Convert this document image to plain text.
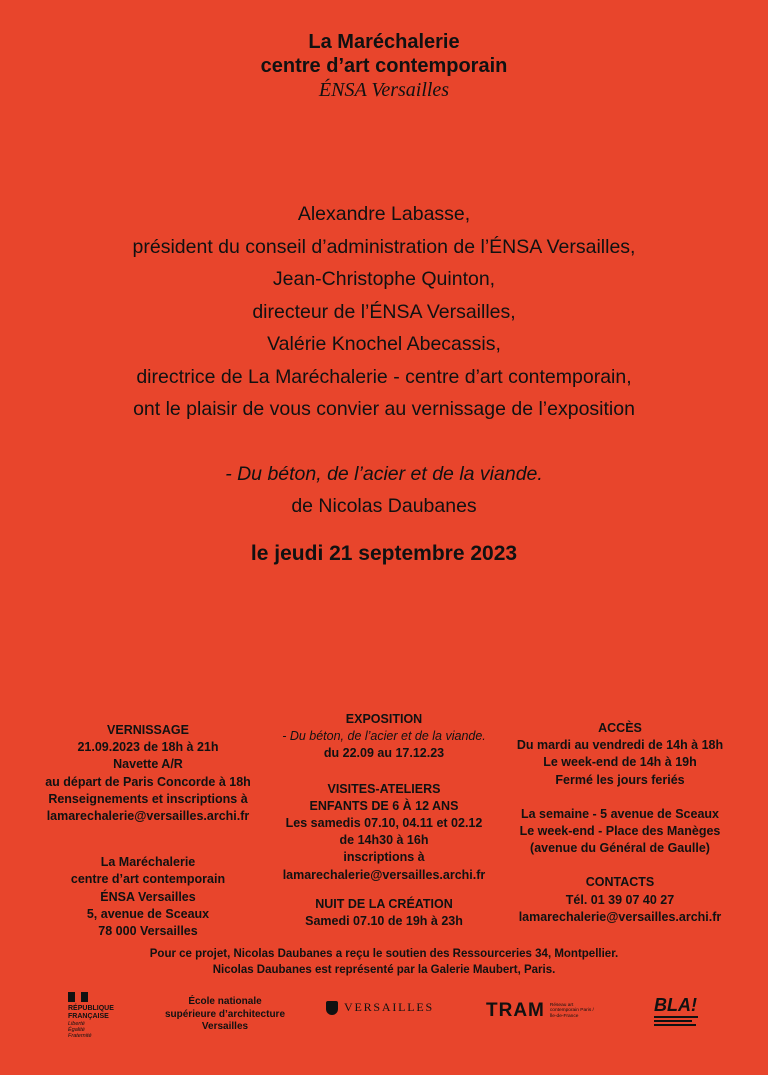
La Maréchalerie
centre d’art contemporain
ÉNSA Versailles
Alexandre Labasse,
président du conseil d’administration de l’ÉNSA Versailles,
Jean-Christophe Quinton,
directeur de l’ÉNSA Versailles,
Valérie Knochel Abecassis,
directrice de La Maréchalerie - centre d’art contemporain,
ont le plaisir de vous convier au vernissage de l’exposition
- Du béton, de l’acier et de la viande.
de Nicolas Daubanes
le jeudi 21 septembre 2023
VERNISSAGE
21.09.2023 de 18h à 21h
Navette A/R
au départ de Paris Concorde à 18h
Renseignements et inscriptions à
lamarechalerie@versailles.archi.fr
La Maréchalerie
centre d’art contemporain
ÉNSA Versailles
5, avenue de Sceaux
78 000 Versailles
EXPOSITION
- Du béton, de l’acier et de la viande.
du 22.09 au 17.12.23
VISITES-ATELIERS
ENFANTS DE 6 À 12 ANS
Les samedis 07.10, 04.11 et 02.12
de 14h30 à 16h
inscriptions à
lamarechalerie@versailles.archi.fr
NUIT DE LA CRÉATION
Samedi 07.10 de 19h à 23h
ACCÈS
Du mardi au vendredi de 14h à 18h
Le week-end de 14h à 19h
Fermé les jours feriés
La semaine - 5 avenue de Sceaux
Le week-end - Place des Manèges
(avenue du Général de Gaulle)
CONTACTS
Tél. 01 39 07 40 27
lamarechalerie@versailles.archi.fr
Pour ce projet, Nicolas Daubanes a reçu le soutien des Ressourceries 34, Montpellier.
Nicolas Daubanes est représenté par la Galerie Maubert, Paris.
RÉPUBLIQUE
FRANÇAISE
Liberté
Égalité
Fraternité
École nationale
supérieure d’architecture
Versailles
VERSAILLES	TRAM Réseau art contemporain Paris / Île-de-France
BLA!
